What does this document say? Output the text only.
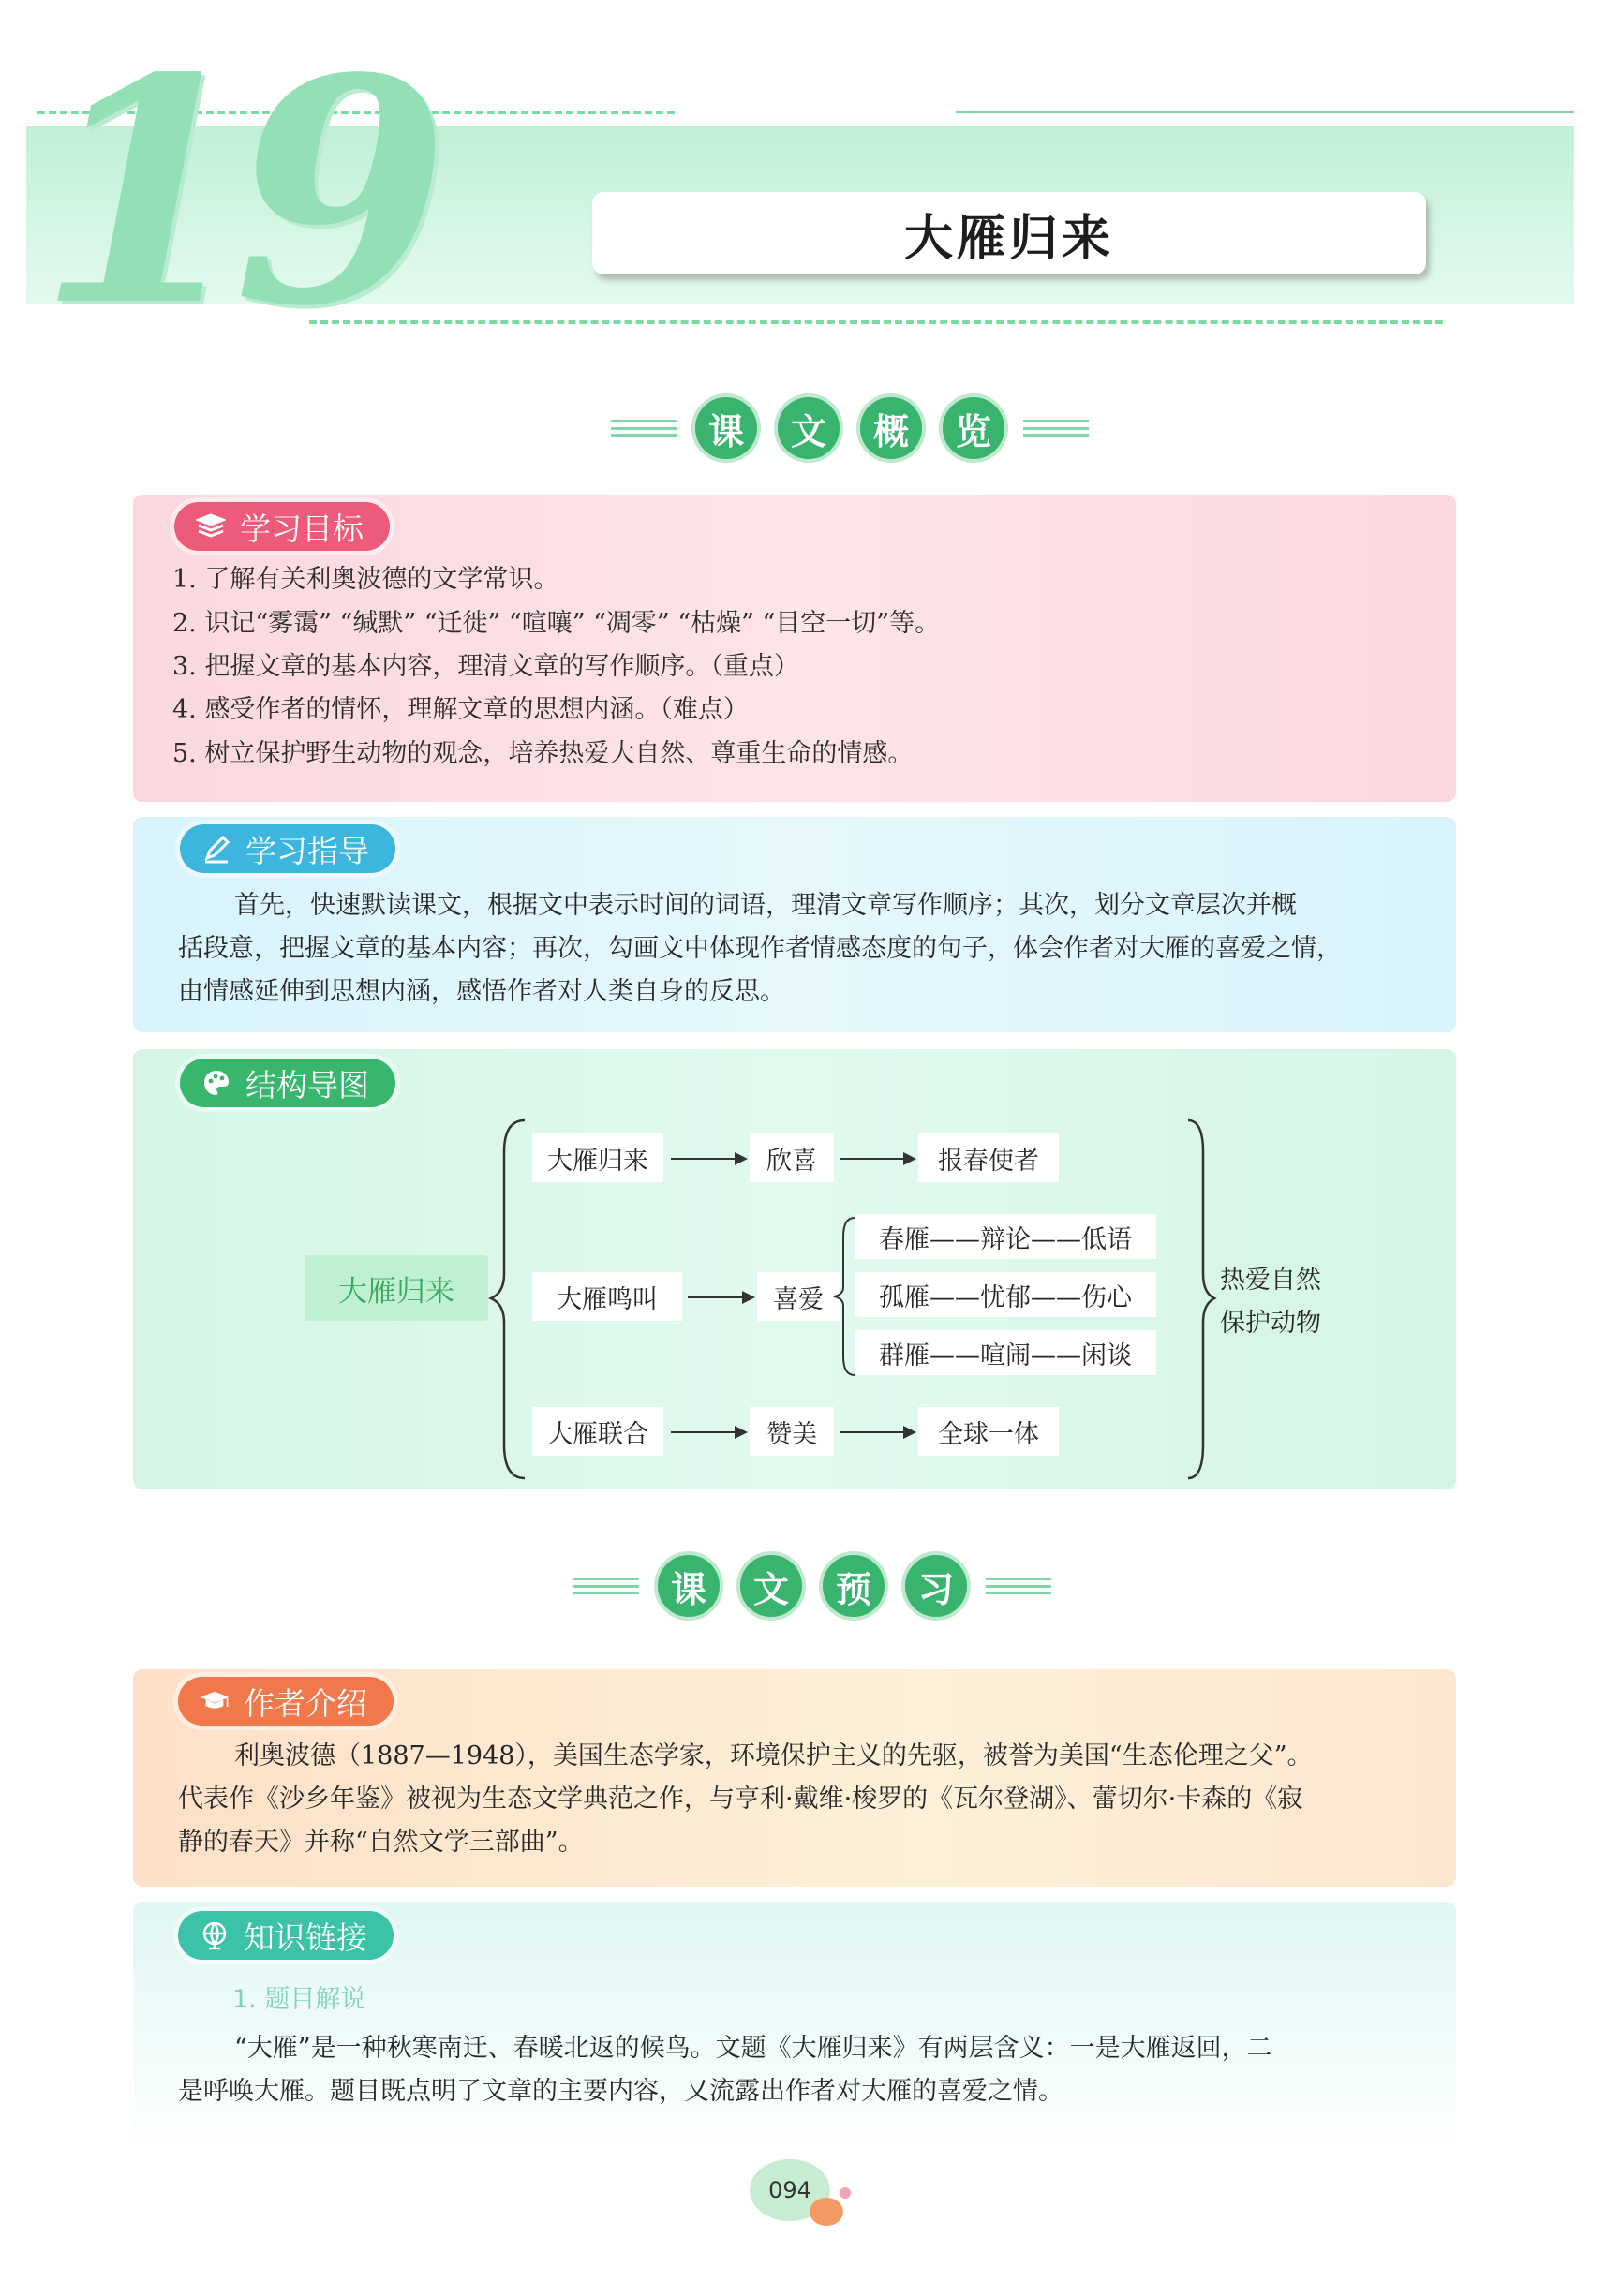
19	大雁归来
课	文	概	览
学习目标
1. 了解有关利奥波德的文学常识。
2. 识记“雾霭” “缄默” “迁徙” “喧嚷” “凋零” “枯燥” “目空一切”等。
3. 把握文章的基本内容，理清文章的写作顺序。（重点）
4. 感受作者的情怀，理解文章的思想内涵。（难点）
5. 树立保护野生动物的观念，培养热爱大自然、尊重生命的情感。
学习指导
首先，快速默读课文，根据文中表示时间的词语，理清文章写作顺序；其次，划分文章层次并概
括段意，把握文章的基本内容；再次，勾画文中体现作者情感态度的句子，体会作者对大雁的喜爱之情，
由情感延伸到思想内涵，感悟作者对人类自身的反思。
结构导图
大雁归来
大雁归来	欣喜	报春使者
大雁鸣叫	喜爱
春雁——辩论——低语
孤雁——忧郁——伤心
群雁——喧闹——闲谈
大雁联合	赞美	全球一体
热爱自然
保护动物
课	文	预	习
作者介绍
利奥波德（1887—1948），美国生态学家，环境保护主义的先驱，被誉为美国“生态伦理之父”。
代表作《沙乡年鉴》被视为生态文学典范之作，与亨利·戴维·梭罗的《瓦尔登湖》、蕾切尔·卡森的《寂
静的春天》并称“自然文学三部曲”。
知识链接
1. 题目解说
“大雁”是一种秋寒南迁、春暖北返的候鸟。文题《大雁归来》有两层含义：一是大雁返回，二
是呼唤大雁。题目既点明了文章的主要内容，又流露出作者对大雁的喜爱之情。
094
